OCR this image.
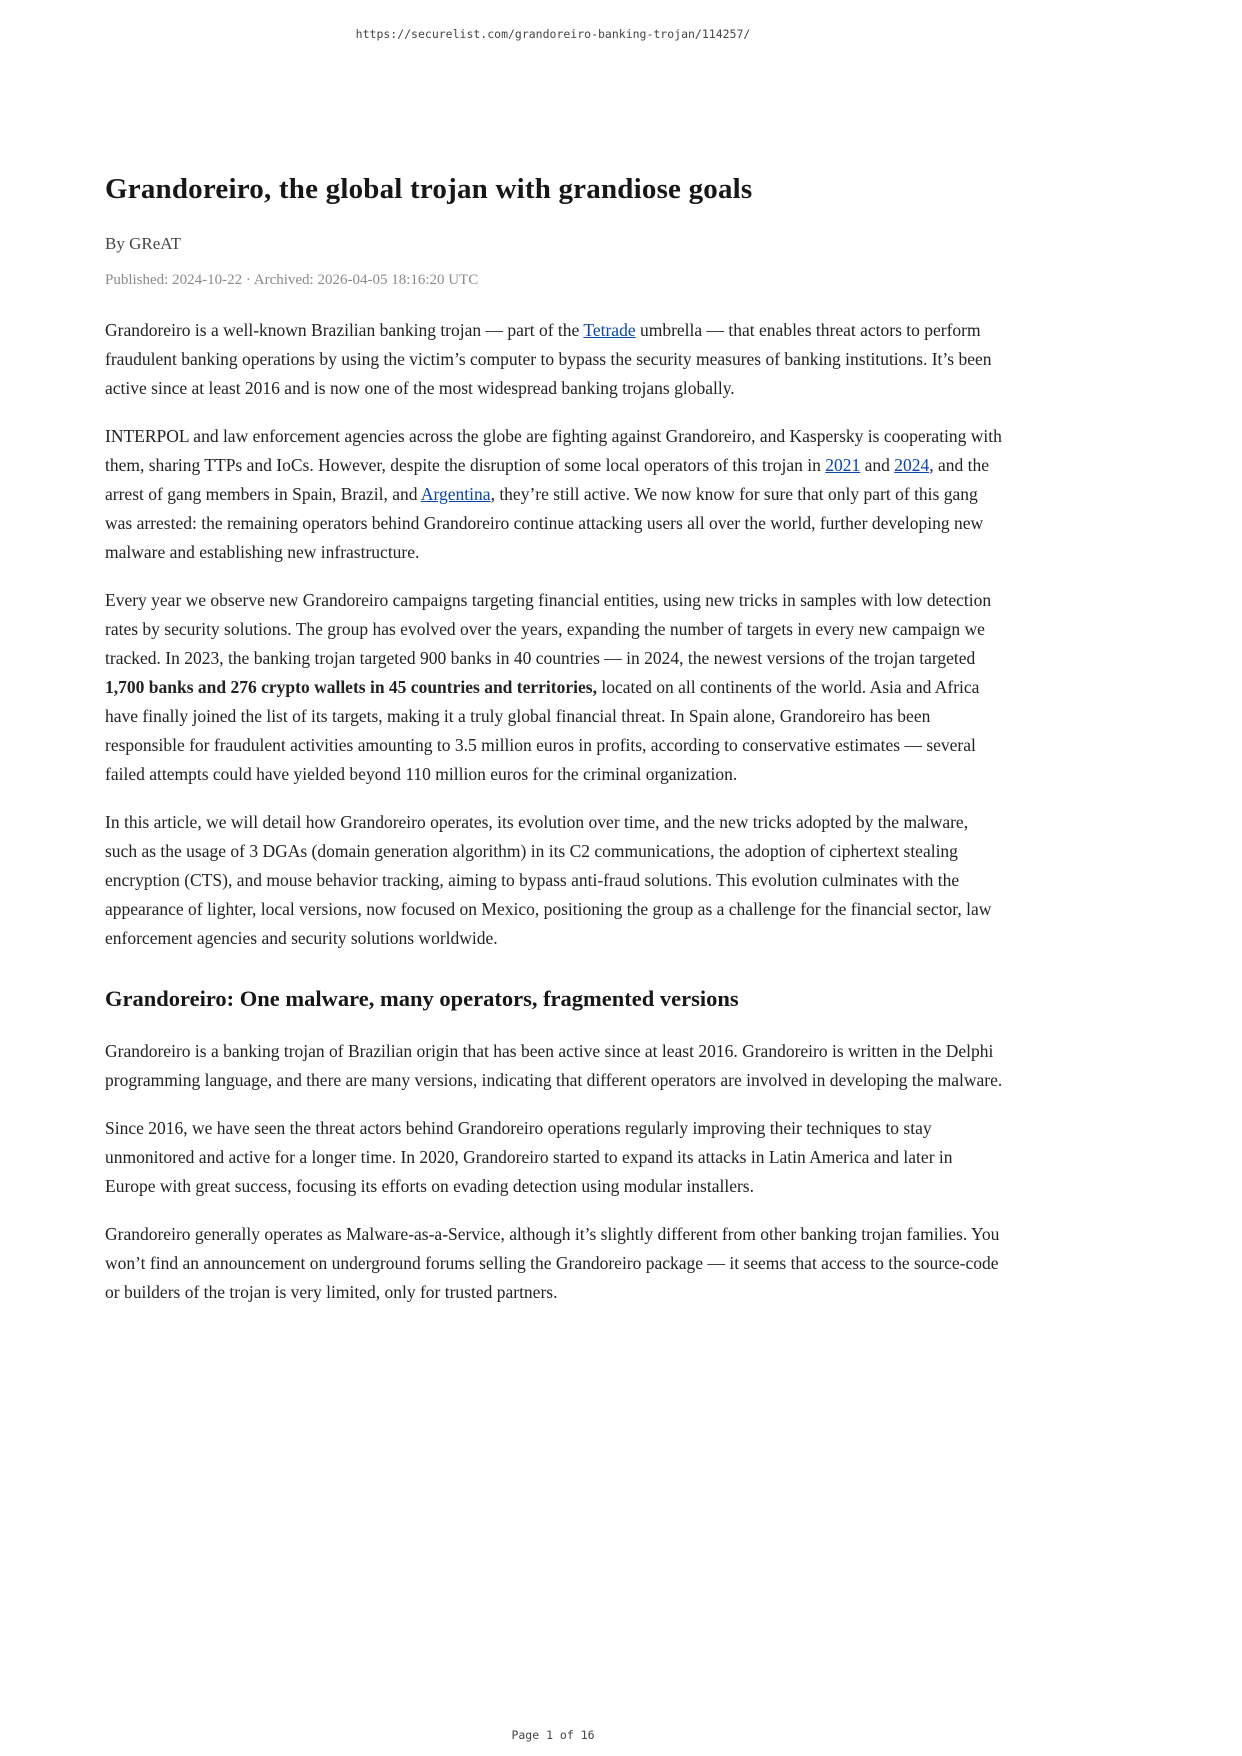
https://securelist.com/grandoreiro-banking-trojan/114257/
Grandoreiro, the global trojan with grandiose goals
By GReAT
Published: 2024-10-22 · Archived: 2026-04-05 18:16:20 UTC

Grandoreiro is a well-known Brazilian banking trojan — part of the Tetrade umbrella — that enables threat actors to perform fraudulent banking operations by using the victim’s computer to bypass the security measures of banking institutions. It’s been active since at least 2016 and is now one of the most widespread banking trojans globally.

INTERPOL and law enforcement agencies across the globe are fighting against Grandoreiro, and Kaspersky is cooperating with them, sharing TTPs and IoCs. However, despite the disruption of some local operators of this trojan in 2021 and 2024, and the arrest of gang members in Spain, Brazil, and Argentina, they’re still active. We now know for sure that only part of this gang was arrested: the remaining operators behind Grandoreiro continue attacking users all over the world, further developing new malware and establishing new infrastructure.

Every year we observe new Grandoreiro campaigns targeting financial entities, using new tricks in samples with low detection rates by security solutions. The group has evolved over the years, expanding the number of targets in every new campaign we tracked. In 2023, the banking trojan targeted 900 banks in 40 countries — in 2024, the newest versions of the trojan targeted 1,700 banks and 276 crypto wallets in 45 countries and territories, located on all continents of the world. Asia and Africa have finally joined the list of its targets, making it a truly global financial threat. In Spain alone, Grandoreiro has been responsible for fraudulent activities amounting to 3.5 million euros in profits, according to conservative estimates — several failed attempts could have yielded beyond 110 million euros for the criminal organization.

In this article, we will detail how Grandoreiro operates, its evolution over time, and the new tricks adopted by the malware, such as the usage of 3 DGAs (domain generation algorithm) in its C2 communications, the adoption of ciphertext stealing encryption (CTS), and mouse behavior tracking, aiming to bypass anti-fraud solutions. This evolution culminates with the appearance of lighter, local versions, now focused on Mexico, positioning the group as a challenge for the financial sector, law enforcement agencies and security solutions worldwide.

Grandoreiro: One malware, many operators, fragmented versions

Grandoreiro is a banking trojan of Brazilian origin that has been active since at least 2016. Grandoreiro is written in the Delphi programming language, and there are many versions, indicating that different operators are involved in developing the malware.

Since 2016, we have seen the threat actors behind Grandoreiro operations regularly improving their techniques to stay unmonitored and active for a longer time. In 2020, Grandoreiro started to expand its attacks in Latin America and later in Europe with great success, focusing its efforts on evading detection using modular installers.

Grandoreiro generally operates as Malware-as-a-Service, although it’s slightly different from other banking trojan families. You won’t find an announcement on underground forums selling the Grandoreiro package — it seems that access to the source-code or builders of the trojan is very limited, only for trusted partners.

Page 1 of 16
